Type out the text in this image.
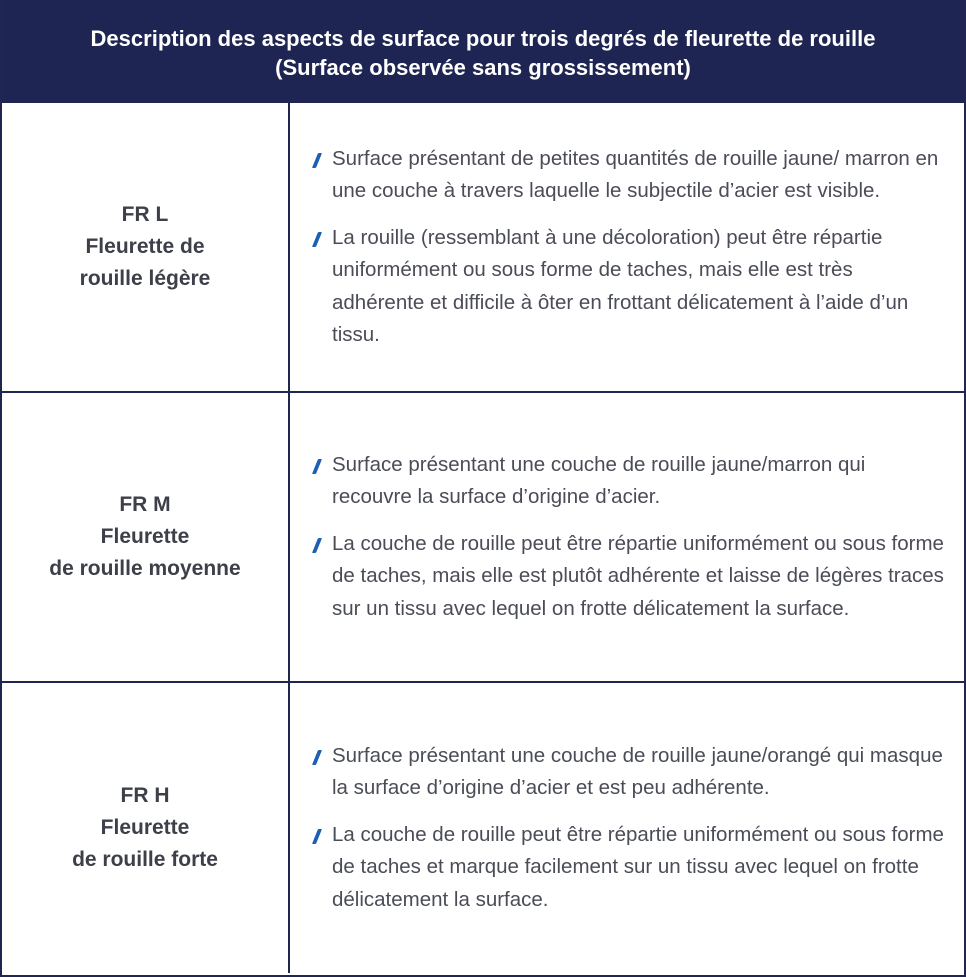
Description des aspects de surface pour trois degrés de fleurette de rouille
(Surface observée sans grossissement)
FR L
Fleurette de
rouille légère
Surface présentant de petites quantités de rouille jaune/ marron en une couche à travers laquelle le subjectile d’acier est visible.
La rouille (ressemblant à une décoloration) peut être répartie uniformément ou sous forme de taches, mais elle est très adhérente et difficile à ôter en frottant délicatement à l’aide d’un tissu.
FR M
Fleurette
de rouille moyenne
Surface présentant une couche de rouille jaune/marron qui recouvre la surface d’origine d’acier.
La couche de rouille peut être répartie uniformément ou sous forme de taches, mais elle est plutôt adhérente et laisse de légères traces sur un tissu avec lequel on frotte délicatement la surface.
FR H
Fleurette
de rouille forte
Surface présentant une couche de rouille jaune/orangé qui masque la surface d’origine d’acier et est peu adhérente.
La couche de rouille peut être répartie uniformément ou sous forme de taches et marque facilement sur un tissu avec lequel on frotte délicatement la surface.
